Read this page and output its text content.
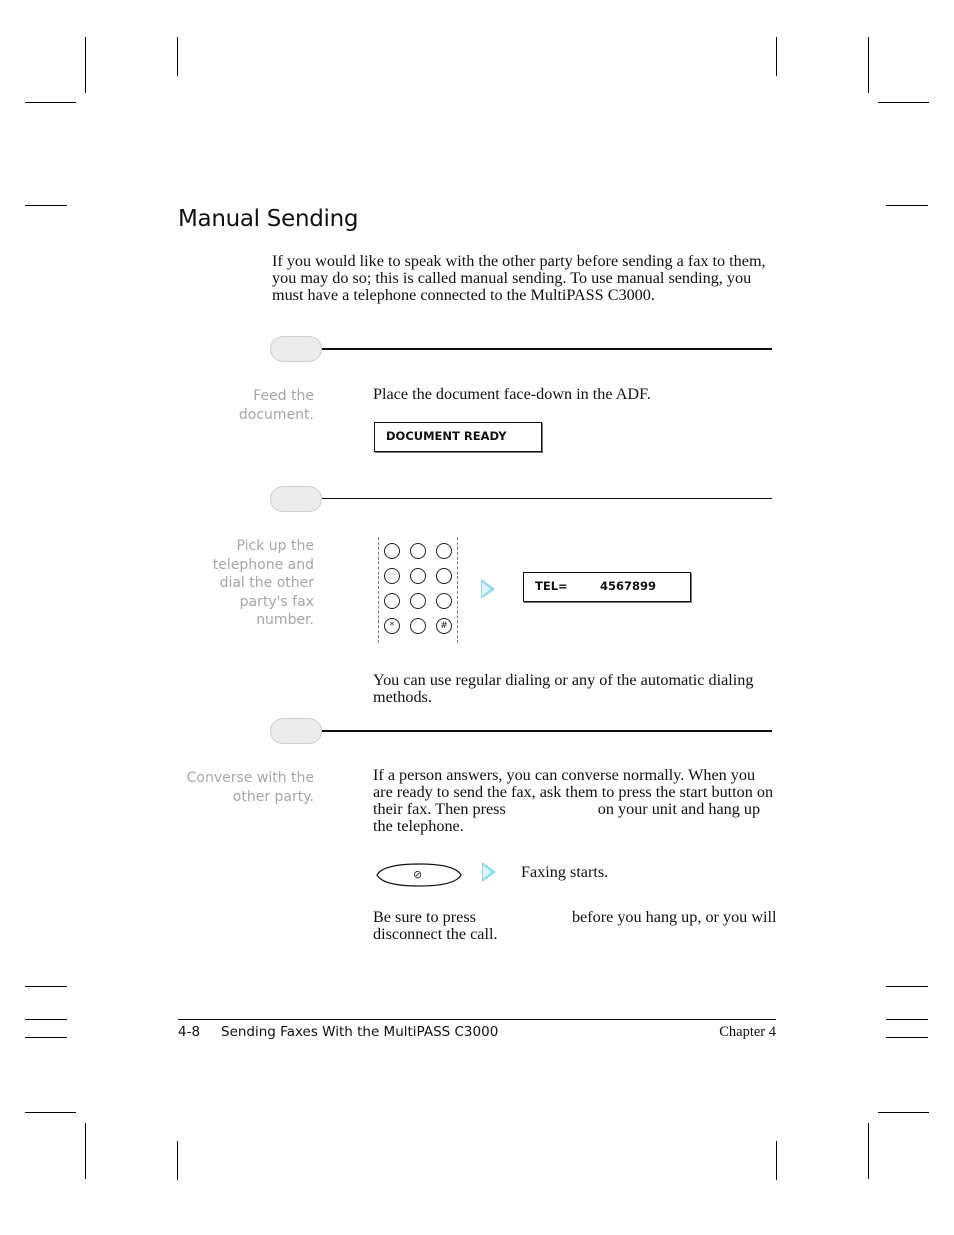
Manual Sending
If you would like to speak with the other party before sending a fax to them, you may do so; this is called manual sending. To use manual sending, you must have a telephone connected to the MultiPASS C3000.
Feed the
document.
Place the document face-down in the ADF.
DOCUMENT READY
Pick up the
telephone and
dial the other
party's fax
number.	*	#
TEL=	4567899
You can use regular dialing or any of the automatic dialing methods.
Converse with the
other party.
If a person answers, you can converse normally. When you are ready to send the fax, ask them to press the start button on their fax. Then press	on your unit and hang up the telephone.
⊘	Faxing starts.
Be sure to press	before you hang up, or you will disconnect the call.
4-8 Sending Faxes With the MultiPASS C3000	Chapter 4
